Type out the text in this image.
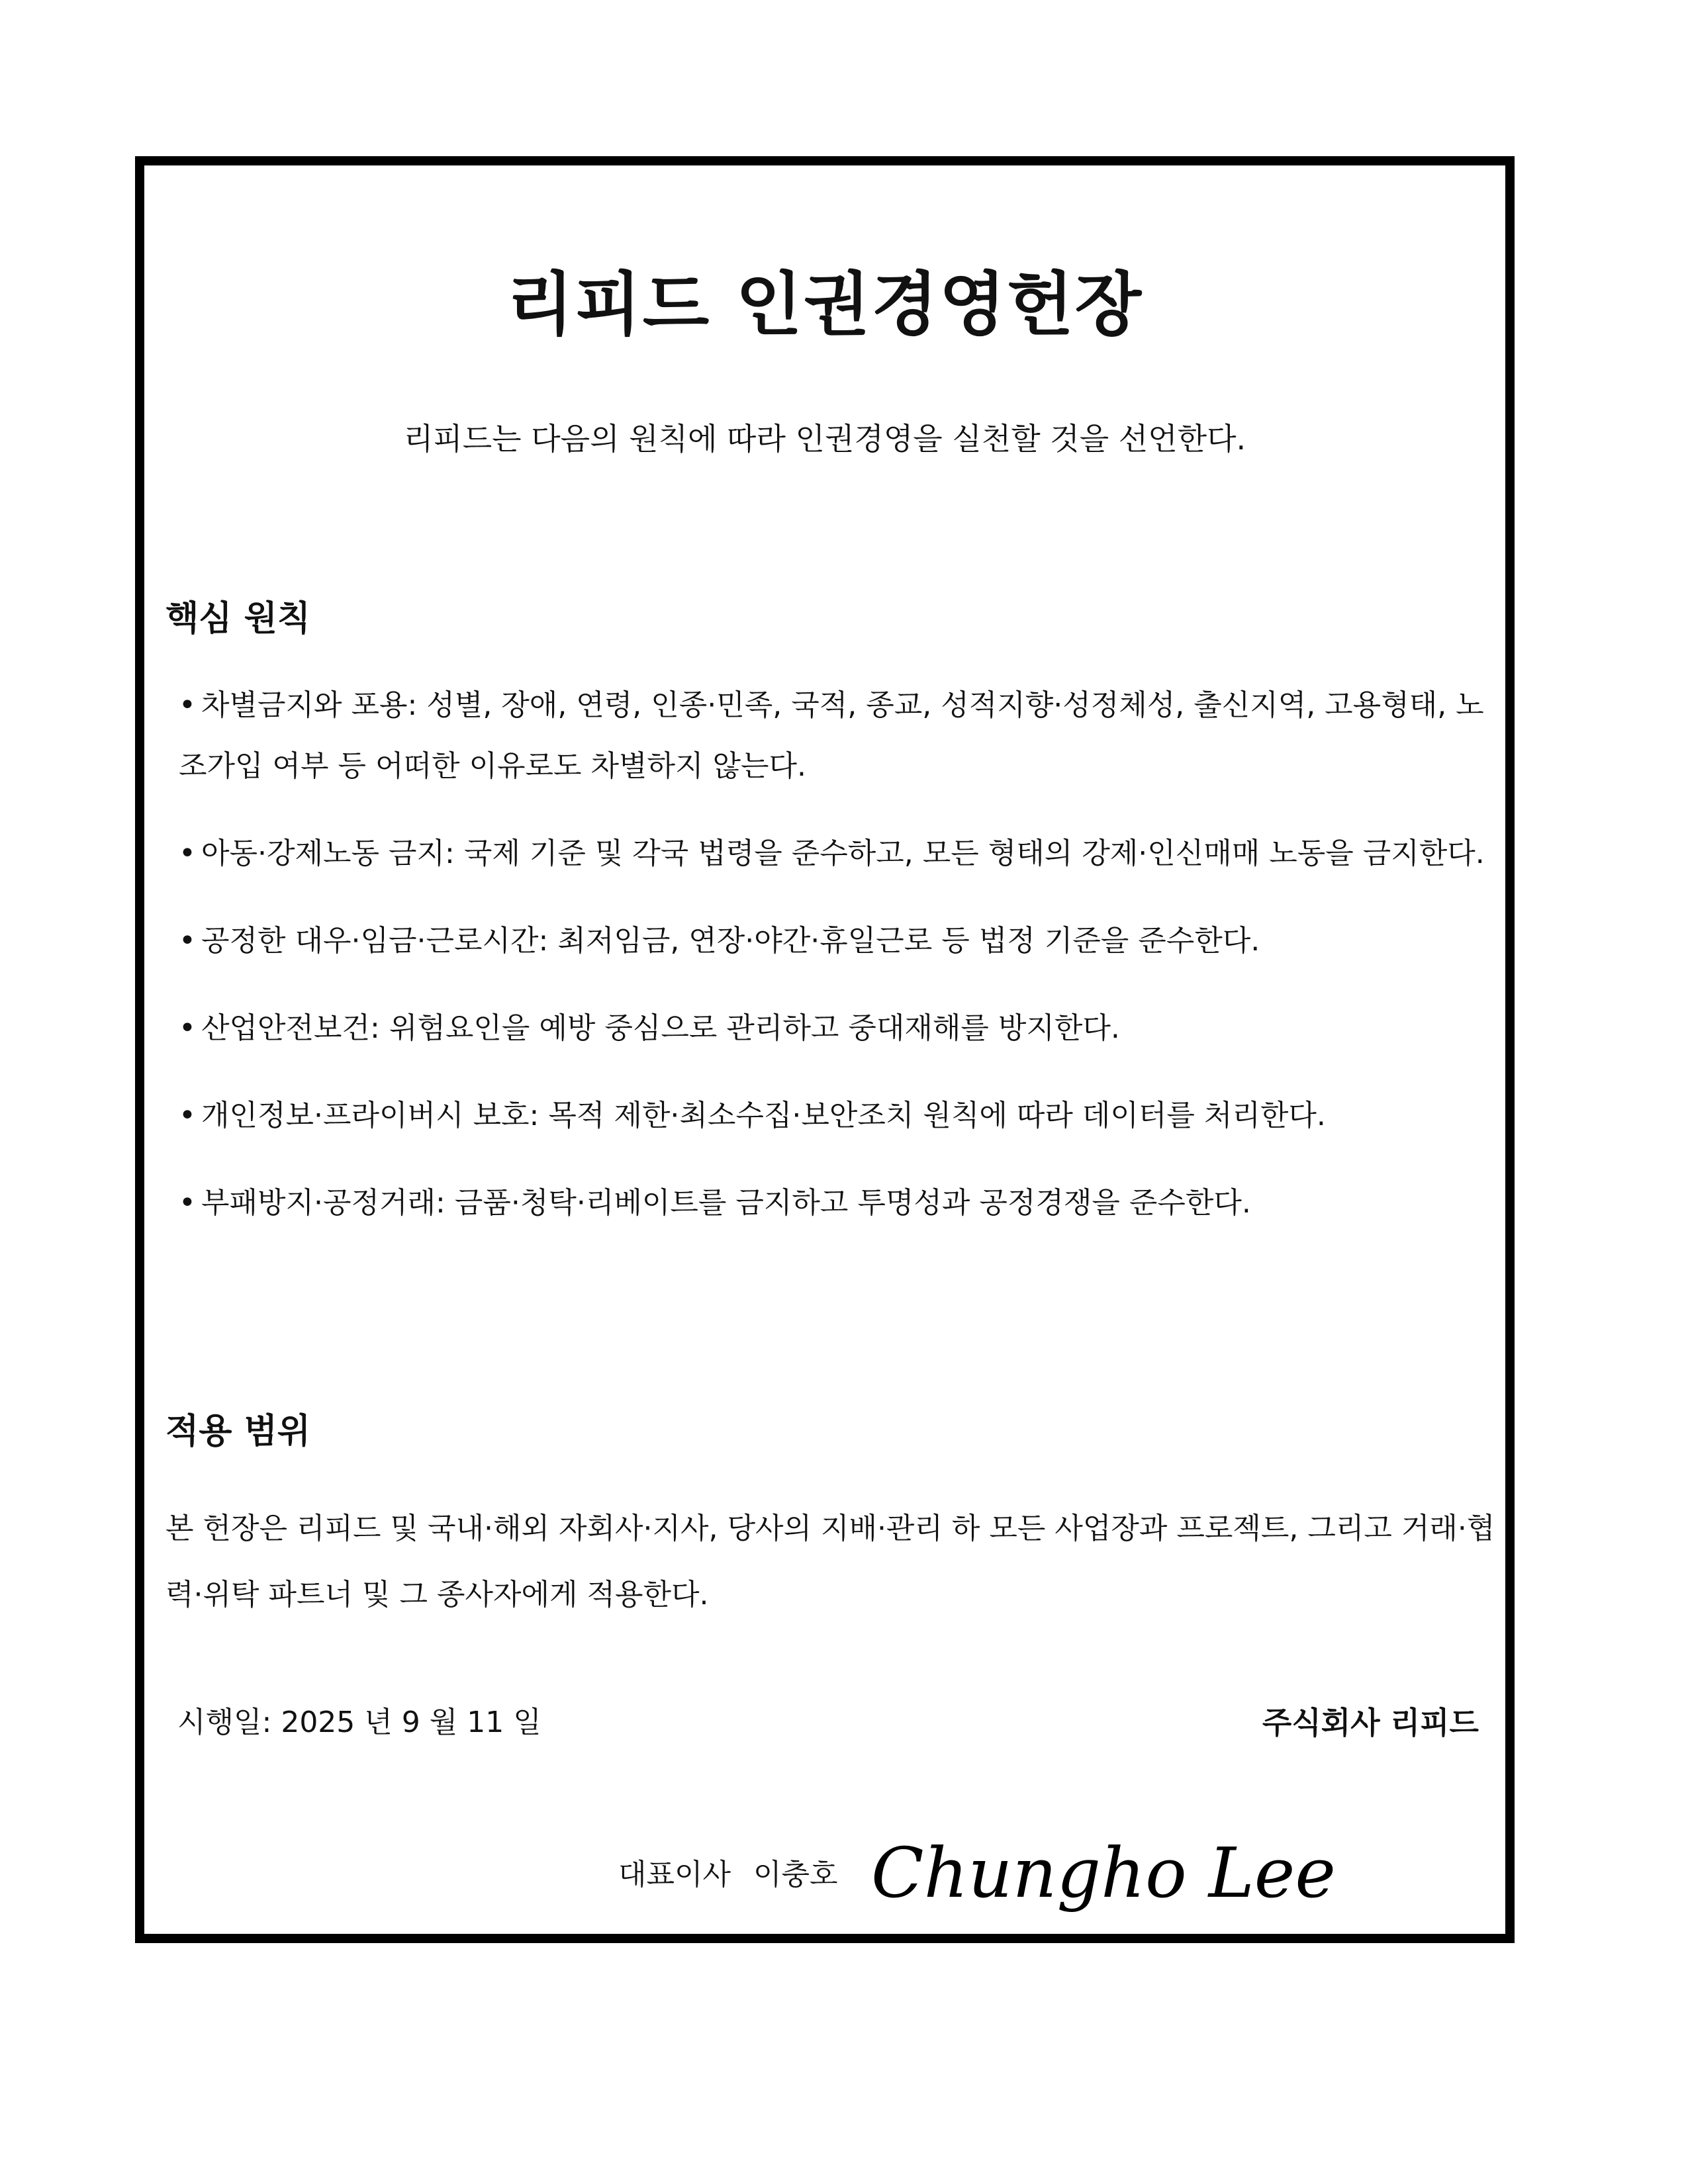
리피드 인권경영헌장

리피드는 다음의 원칙에 따라 인권경영을 실천할 것을 선언한다.

핵심 원칙
• 차별금지와 포용: 성별, 장애, 연령, 인종·민족, 국적, 종교, 성적지향·성정체성, 출신지역, 고용형태, 노조가입 여부 등 어떠한 이유로도 차별하지 않는다.
• 아동·강제노동 금지: 국제 기준 및 각국 법령을 준수하고, 모든 형태의 강제·인신매매 노동을 금지한다.
• 공정한 대우·임금·근로시간: 최저임금, 연장·야간·휴일근로 등 법정 기준을 준수한다.
• 산업안전보건: 위험요인을 예방 중심으로 관리하고 중대재해를 방지한다.
• 개인정보·프라이버시 보호: 목적 제한·최소수집·보안조치 원칙에 따라 데이터를 처리한다.
• 부패방지·공정거래: 금품·청탁·리베이트를 금지하고 투명성과 공정경쟁을 준수한다.
적용 범위

본 헌장은 리피드 및 국내·해외 자회사·지사, 당사의 지배·관리 하 모든 사업장과 프로젝트, 그리고 거래·협력·위탁 파트너 및 그 종사자에게 적용한다.

시행일: 2025 년 9 월 11 일	주식회사 리피드

대표이사 이충호 Chungho Lee
